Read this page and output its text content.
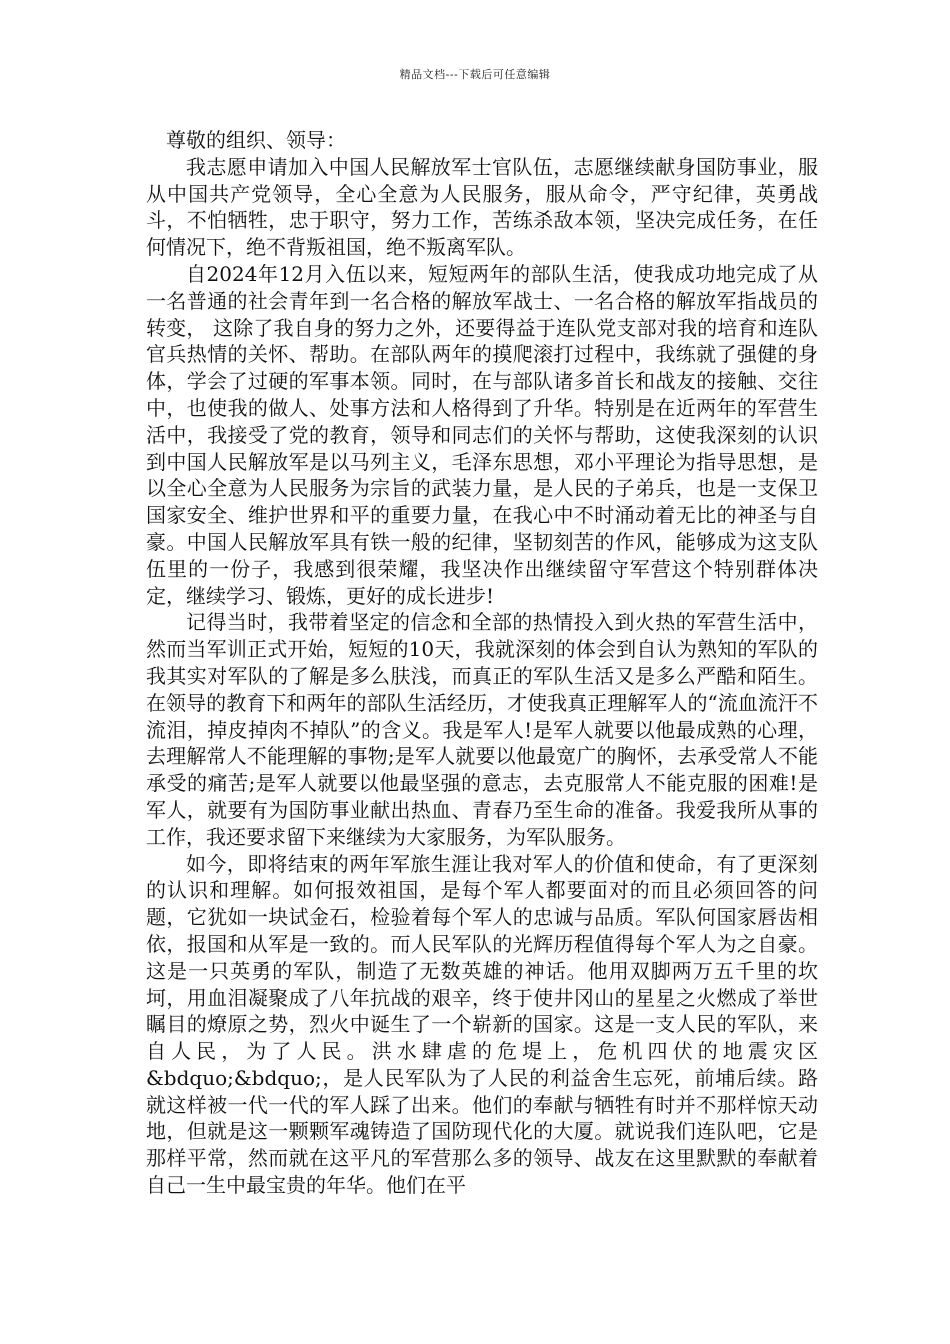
精品文档---下载后可任意编辑

尊敬的组织、领导：

我志愿申请加入中国人民解放军士官队伍，志愿继续献身国防事业，服从中国共产党领导，全心全意为人民服务，服从命令，严守纪律，英勇战斗，不怕牺牲，忠于职守，努力工作，苦练杀敌本领，坚决完成任务，在任何情况下，绝不背叛祖国，绝不叛离军队。

自2024年12月入伍以来，短短两年的部队生活，使我成功地完成了从一名普通的社会青年到一名合格的解放军战士、一名合格的解放军指战员的转变， 这除了我自身的努力之外，还要得益于连队党支部对我的培育和连队官兵热情的关怀、帮助。在部队两年的摸爬滚打过程中，我练就了强健的身体，学会了过硬的军事本领。同时，在与部队诸多首长和战友的接触、交往中，也使我的做人、处事方法和人格得到了升华。特别是在近两年的军营生活中，我接受了党的教育，领导和同志们的关怀与帮助，这使我深刻的认识到中国人民解放军是以马列主义，毛泽东思想，邓小平理论为指导思想，是以全心全意为人民服务为宗旨的武装力量，是人民的子弟兵，也是一支保卫国家安全、维护世界和平的重要力量，在我心中不时涌动着无比的神圣与自豪。中国人民解放军具有铁一般的纪律，坚韧刻苦的作风，能够成为这支队伍里的一份子，我感到很荣耀，我坚决作出继续留守军营这个特别群体决定，继续学习、锻炼，更好的成长进步!

记得当时，我带着坚定的信念和全部的热情投入到火热的军营生活中，然而当军训正式开始，短短的10天，我就深刻的体会到自认为熟知的军队的我其实对军队的了解是多么肤浅，而真正的军队生活又是多么严酷和陌生。在领导的教育下和两年的部队生活经历，才使我真正理解军人的“流血流汗不流泪，掉皮掉肉不掉队”的含义。我是军人!是军人就要以他最成熟的心理，去理解常人不能理解的事物;是军人就要以他最宽广的胸怀，去承受常人不能承受的痛苦;是军人就要以他最坚强的意志，去克服常人不能克服的困难!是军人，就要有为国防事业献出热血、青春乃至生命的准备。我爱我所从事的工作，我还要求留下来继续为大家服务，为军队服务。

如今，即将结束的两年军旅生涯让我对军人的价值和使命，有了更深刻的认识和理解。如何报效祖国，是每个军人都要面对的而且必须回答的问题，它犹如一块试金石，检验着每个军人的忠诚与品质。军队何国家唇齿相依，报国和从军是一致的。而人民军队的光辉历程值得每个军人为之自豪。这是一只英勇的军队，制造了无数英雄的神话。他用双脚两万五千里的坎坷，用血泪凝聚成了八年抗战的艰辛，终于使井冈山的星星之火燃成了举世瞩目的燎原之势，烈火中诞生了一个崭新的国家。这是一支人民的军队，来自人民，为了人民。洪水肆虐的危堤上，危机四伏的地震灾区&bdquo;&bdquo;，是人民军队为了人民的利益舍生忘死，前埔后续。路就这样被一代一代的军人踩了出来。他们的奉献与牺牲有时并不那样惊天动地，但就是这一颗颗军魂铸造了国防现代化的大厦。就说我们连队吧，它是那样平常，然而就在这平凡的军营那么多的领导、战友在这里默默的奉献着自己一生中最宝贵的年华。他们在平
